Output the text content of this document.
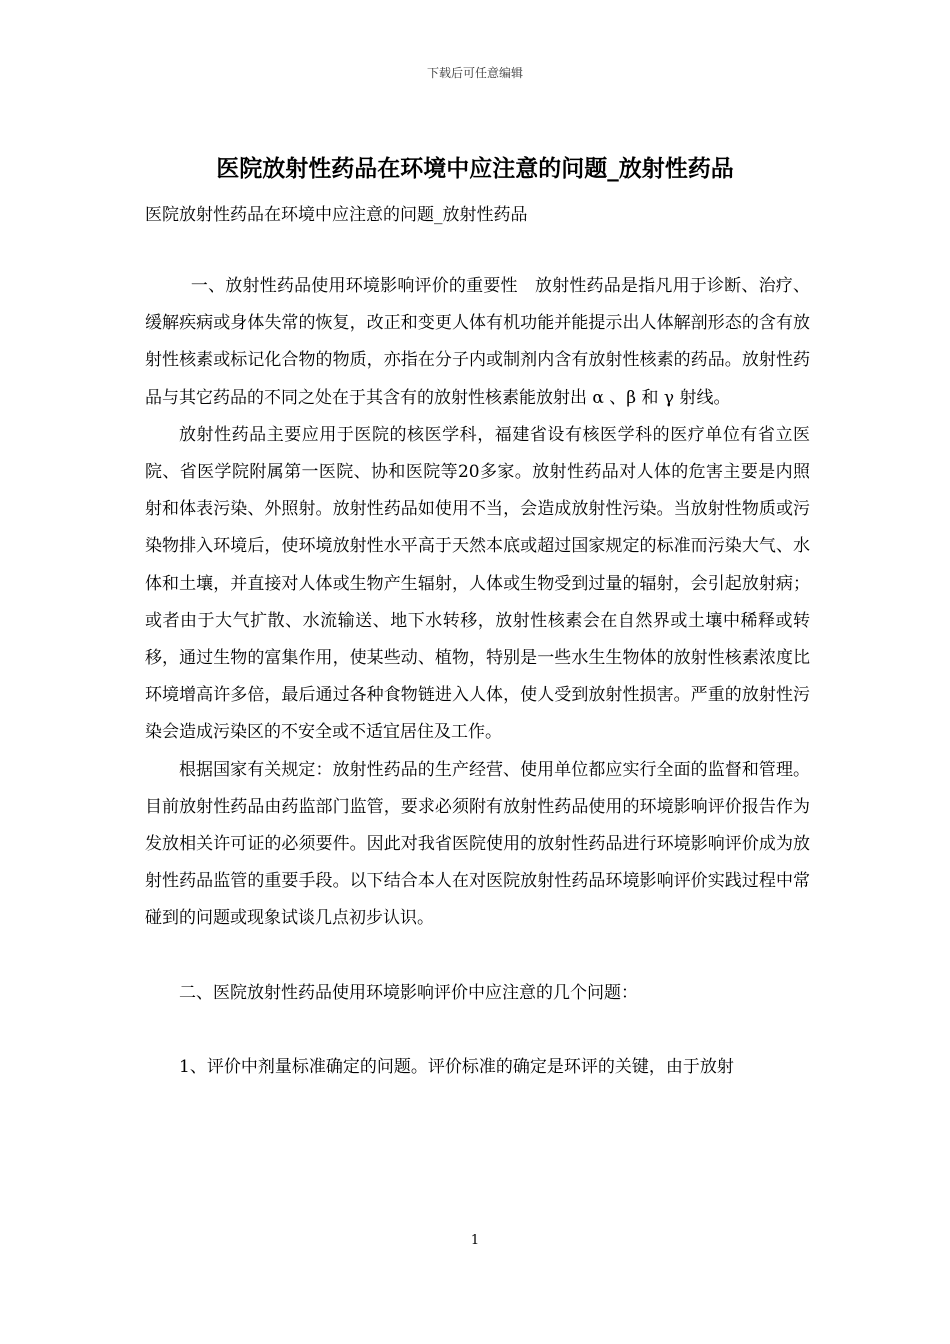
下载后可任意编辑
医院放射性药品在环境中应注意的问题_放射性药品
医院放射性药品在环境中应注意的问题_放射性药品

一、放射性药品使用环境影响评价的重要性　放射性药品是指凡用于诊断、治疗、缓解疾病或身体失常的恢复，改正和变更人体有机功能并能提示出人体解剖形态的含有放射性核素或标记化合物的物质，亦指在分子内或制剂内含有放射性核素的药品。放射性药品与其它药品的不同之处在于其含有的放射性核素能放射出 α 、β 和 γ 射线。

放射性药品主要应用于医院的核医学科，福建省设有核医学科的医疗单位有省立医院、省医学院附属第一医院、协和医院等20多家。放射性药品对人体的危害主要是内照射和体表污染、外照射。放射性药品如使用不当，会造成放射性污染。当放射性物质或污染物排入环境后，使环境放射性水平高于天然本底或超过国家规定的标准而污染大气、水体和土壤，并直接对人体或生物产生辐射，人体或生物受到过量的辐射，会引起放射病；或者由于大气扩散、水流输送、地下水转移，放射性核素会在自然界或土壤中稀释或转移，通过生物的富集作用，使某些动、植物，特别是一些水生生物体的放射性核素浓度比环境增高许多倍，最后通过各种食物链进入人体，使人受到放射性损害。严重的放射性污染会造成污染区的不安全或不适宜居住及工作。

根据国家有关规定：放射性药品的生产经营、使用单位都应实行全面的监督和管理。目前放射性药品由药监部门监管，要求必须附有放射性药品使用的环境影响评价报告作为发放相关许可证的必须要件。因此对我省医院使用的放射性药品进行环境影响评价成为放射性药品监管的重要手段。以下结合本人在对医院放射性药品环境影响评价实践过程中常碰到的问题或现象试谈几点初步认识。

二、医院放射性药品使用环境影响评价中应注意的几个问题：

1、评价中剂量标准确定的问题。评价标准的确定是环评的关键，由于放射

1
